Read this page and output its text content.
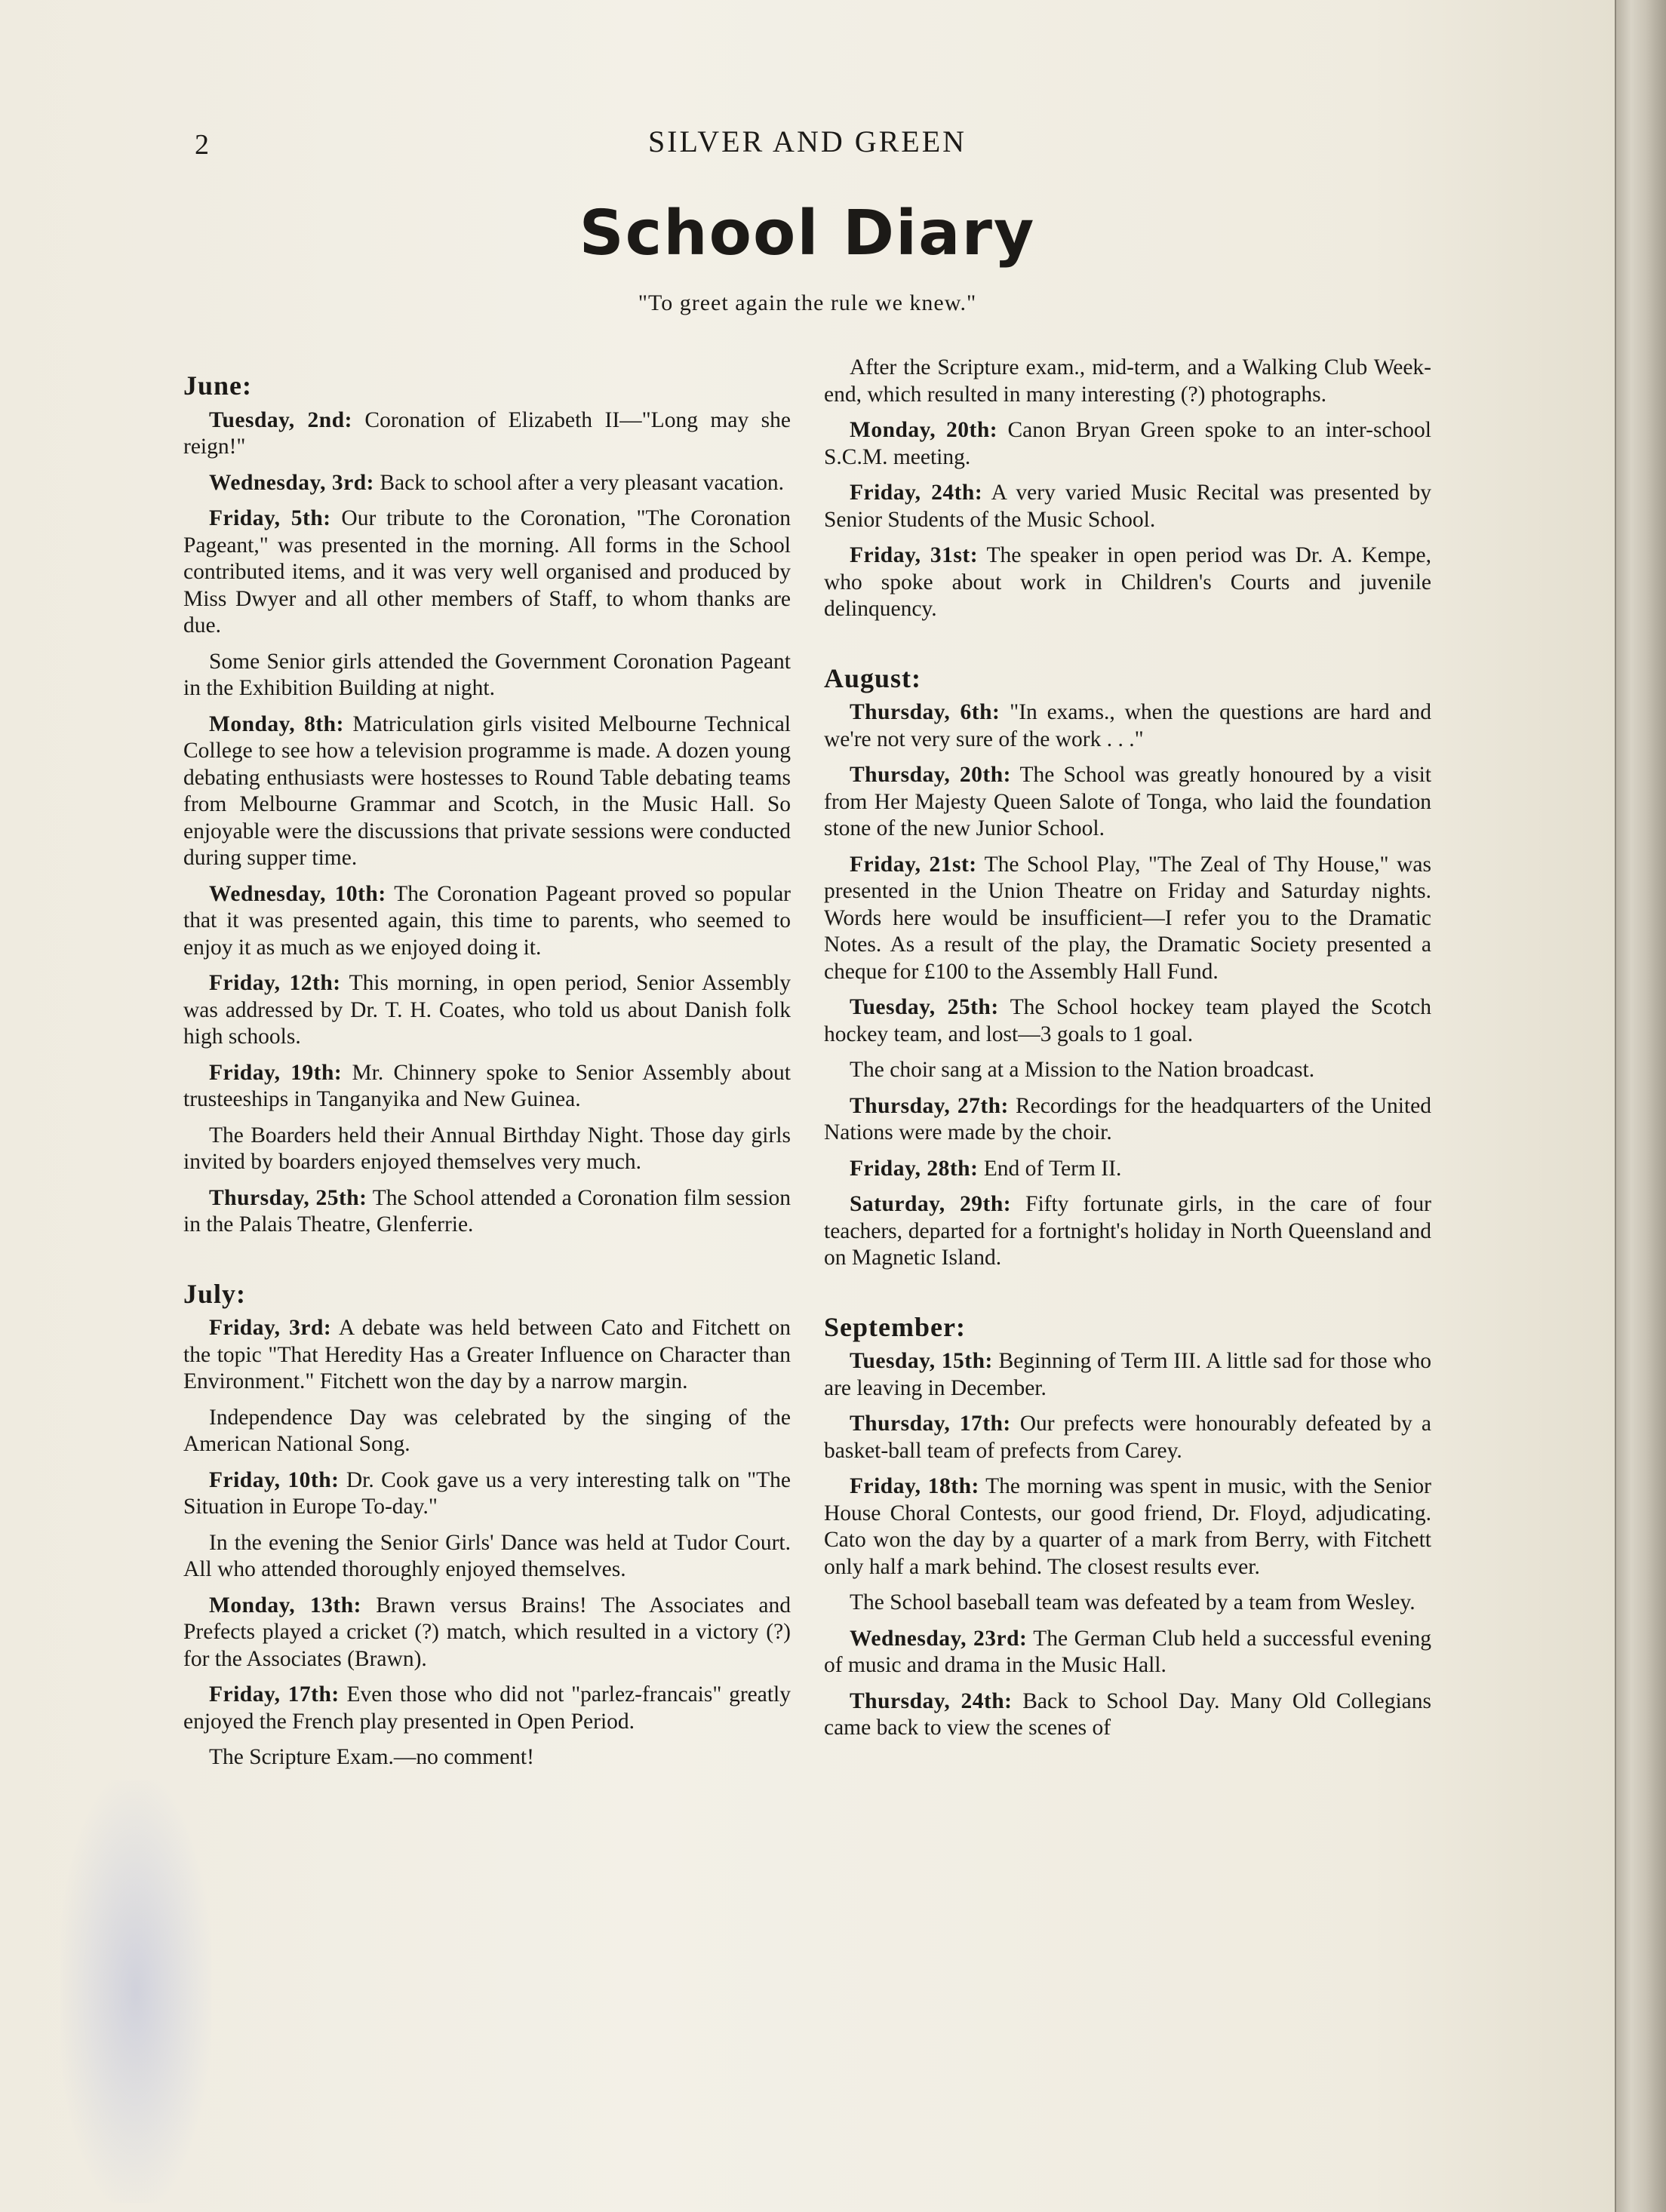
2	SILVER AND GREEN
School Diary
"To greet again the rule we knew."
June:

Tuesday, 2nd: Coronation of Elizabeth II—"Long may she reign!"

Wednesday, 3rd: Back to school after a very pleasant vacation.

Friday, 5th: Our tribute to the Coronation, "The Coronation Pageant," was presented in the morning. All forms in the School contributed items, and it was very well organised and produced by Miss Dwyer and all other members of Staff, to whom thanks are due.

Some Senior girls attended the Government Coronation Pageant in the Exhibition Building at night.

Monday, 8th: Matriculation girls visited Melbourne Technical College to see how a television programme is made. A dozen young debating enthusiasts were hostesses to Round Table debating teams from Melbourne Grammar and Scotch, in the Music Hall. So enjoyable were the discussions that private sessions were conducted during supper time.

Wednesday, 10th: The Coronation Pageant proved so popular that it was presented again, this time to parents, who seemed to enjoy it as much as we enjoyed doing it.

Friday, 12th: This morning, in open period, Senior Assembly was addressed by Dr. T. H. Coates, who told us about Danish folk high schools.

Friday, 19th: Mr. Chinnery spoke to Senior Assembly about trusteeships in Tanganyika and New Guinea.

The Boarders held their Annual Birthday Night. Those day girls invited by boarders enjoyed themselves very much.

Thursday, 25th: The School attended a Coronation film session in the Palais Theatre, Glenferrie.

July:

Friday, 3rd: A debate was held between Cato and Fitchett on the topic "That Heredity Has a Greater Influence on Character than Environment." Fitchett won the day by a narrow margin.

Independence Day was celebrated by the singing of the American National Song.

Friday, 10th: Dr. Cook gave us a very interesting talk on "The Situation in Europe To-day."

In the evening the Senior Girls' Dance was held at Tudor Court. All who attended thoroughly enjoyed themselves.

Monday, 13th: Brawn versus Brains! The Associates and Prefects played a cricket (?) match, which resulted in a victory (?) for the Associates (Brawn).

Friday, 17th: Even those who did not "parlez-francais" greatly enjoyed the French play presented in Open Period.

The Scripture Exam.—no comment!

After the Scripture exam., mid-term, and a Walking Club Week-end, which resulted in many interesting (?) photographs.

Monday, 20th: Canon Bryan Green spoke to an inter-school S.C.M. meeting.

Friday, 24th: A very varied Music Recital was presented by Senior Students of the Music School.

Friday, 31st: The speaker in open period was Dr. A. Kempe, who spoke about work in Children's Courts and juvenile delinquency.

August:

Thursday, 6th: "In exams., when the questions are hard and we're not very sure of the work . . ."

Thursday, 20th: The School was greatly honoured by a visit from Her Majesty Queen Salote of Tonga, who laid the foundation stone of the new Junior School.

Friday, 21st: The School Play, "The Zeal of Thy House," was presented in the Union Theatre on Friday and Saturday nights. Words here would be insufficient—I refer you to the Dramatic Notes. As a result of the play, the Dramatic Society presented a cheque for £100 to the Assembly Hall Fund.

Tuesday, 25th: The School hockey team played the Scotch hockey team, and lost—3 goals to 1 goal.

The choir sang at a Mission to the Nation broadcast.

Thursday, 27th: Recordings for the headquarters of the United Nations were made by the choir.

Friday, 28th: End of Term II.

Saturday, 29th: Fifty fortunate girls, in the care of four teachers, departed for a fortnight's holiday in North Queensland and on Magnetic Island.

September:

Tuesday, 15th: Beginning of Term III. A little sad for those who are leaving in December.

Thursday, 17th: Our prefects were honourably defeated by a basket-ball team of prefects from Carey.

Friday, 18th: The morning was spent in music, with the Senior House Choral Contests, our good friend, Dr. Floyd, adjudicating. Cato won the day by a quarter of a mark from Berry, with Fitchett only half a mark behind. The closest results ever.

The School baseball team was defeated by a team from Wesley.

Wednesday, 23rd: The German Club held a successful evening of music and drama in the Music Hall.

Thursday, 24th: Back to School Day. Many Old Collegians came back to view the scenes of
